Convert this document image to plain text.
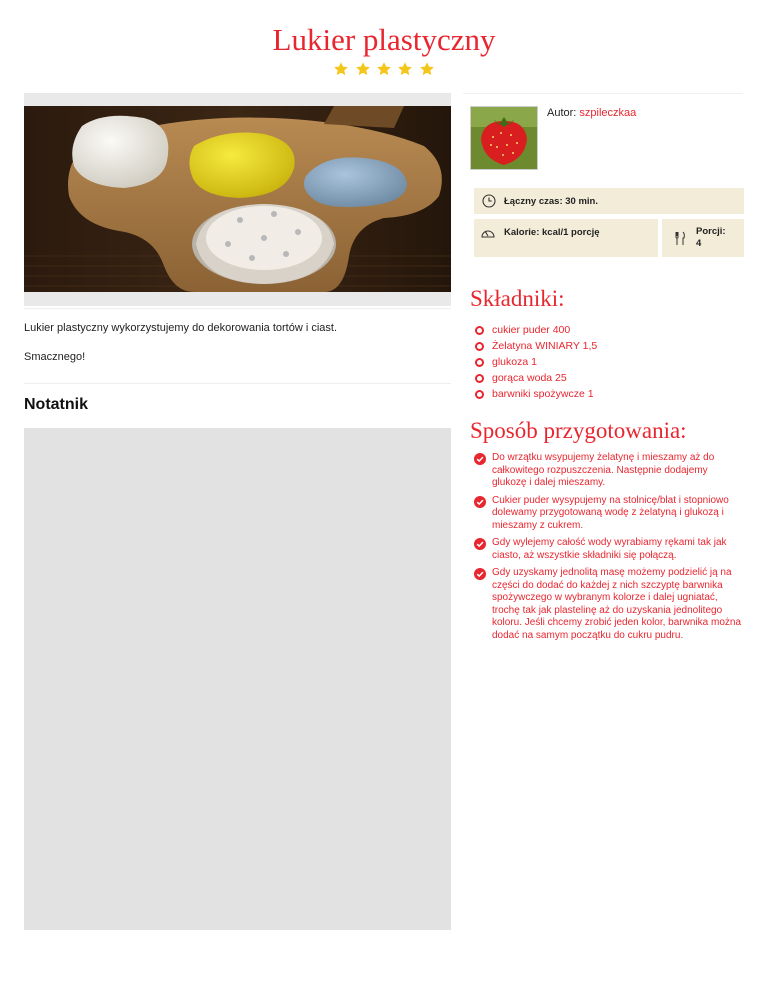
Lukier plastyczny

Lukier plastyczny wykorzystujemy do dekorowania tortów i ciast.

Smacznego!

Notatnik
Autor: szpileczkaa
Łączny czas: 30 min.
Kalorie: kcal/1 porcję	Porcji:
4
Składniki:
cukier puder 400
Żelatyna WINIARY 1,5
glukoza 1
gorąca woda 25
barwniki spożywcze 1
Sposób przygotowania:
Do wrzątku wsypujemy żelatynę i mieszamy aż do całkowitego rozpuszczenia. Następnie dodajemy glukozę i dalej mieszamy.
Cukier puder wysypujemy na stolnicę/blat i stopniowo dolewamy przygotowaną wodę z żelatyną i glukozą i mieszamy z cukrem.
Gdy wylejemy całość wody wyrabiamy rękami tak jak ciasto, aż wszystkie składniki się połączą.
Gdy uzyskamy jednolitą masę możemy podzielić ją na części do dodać do każdej z nich szczyptę barwnika spożywczego w wybranym kolorze i dalej ugniatać, trochę tak jak plastelinę aż do uzyskania jednolitego koloru. Jeśli chcemy zrobić jeden kolor, barwnika można dodać na samym początku do cukru pudru.
